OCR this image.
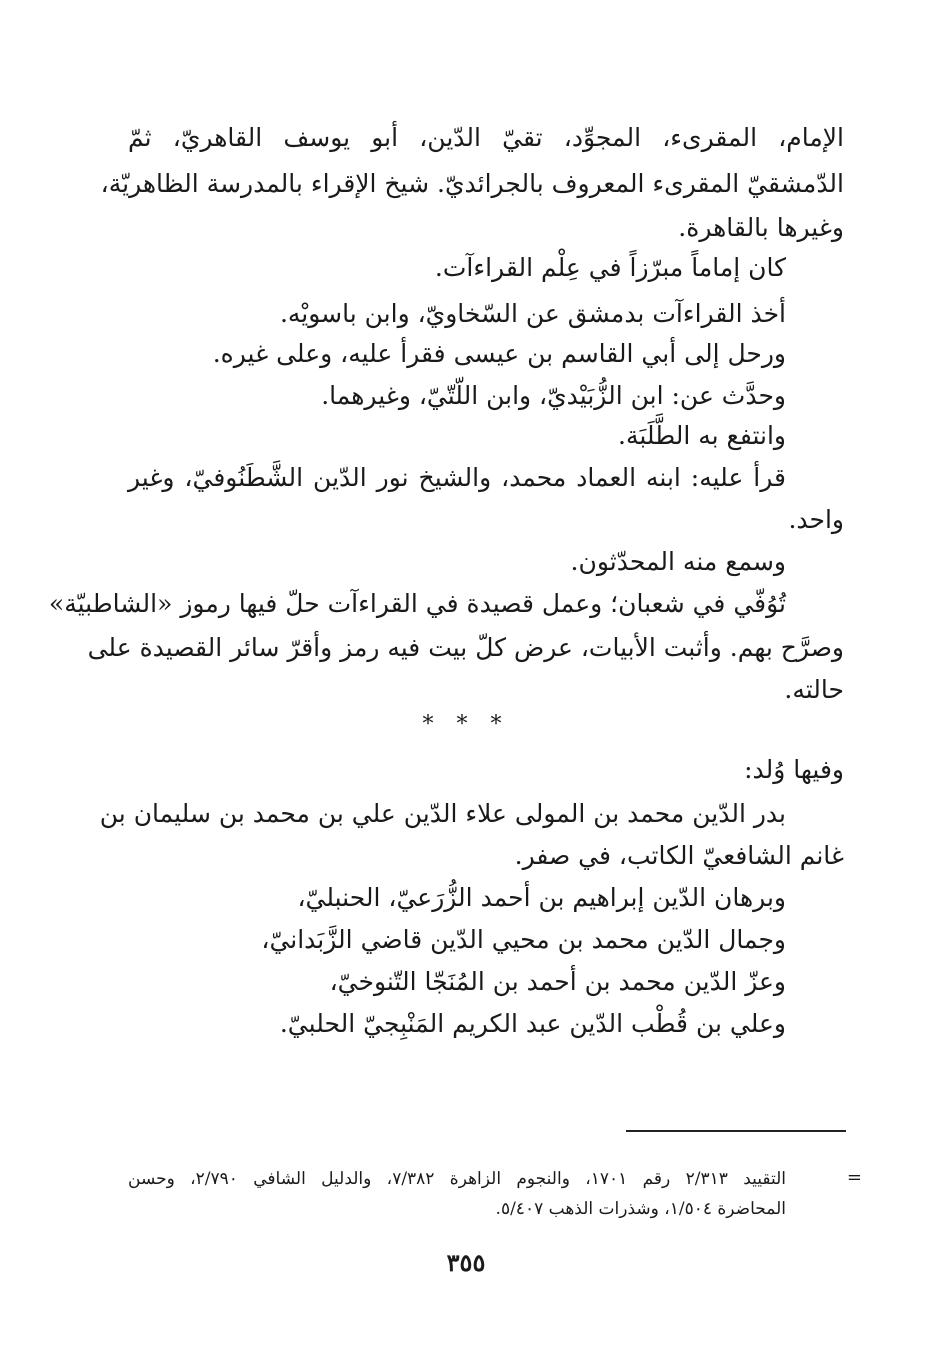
الإمام، المقرىء، المجوِّد، تقيّ الدّين، أبو يوسف القاهريّ، ثمّ
الدّمشقيّ المقرىء المعروف بالجرائديّ. شيخ الإقراء بالمدرسة الظاهريّة،
وغيرها بالقاهرة.
كان إماماً مبرّزاً في عِلْم القراءآت.
أخذ القراءآت بدمشق عن السّخاويّ، وابن باسويْه.
ورحل إلى أبي القاسم بن عيسى فقرأ عليه، وعلى غيره.
وحدَّث عن: ابن الزُّبَيْديّ، وابن اللّتّيّ، وغيرهما.
وانتفع به الطَّلَبَة.
قرأ عليه: ابنه العماد محمد، والشيخ نور الدّين الشَّطَنُوفيّ، وغير
واحد.
وسمع منه المحدّثون.
تُوُفّي في شعبان؛ وعمل قصيدة في القراءآت حلّ فيها رموز «الشاطبيّة»
وصرَّح بهم. وأثبت الأبيات، عرض كلّ بيت فيه رمز وأقرّ سائر القصيدة على
حالته.
* * *
وفيها وُلد:
بدر الدّين محمد بن المولى علاء الدّين علي بن محمد بن سليمان بن
غانم الشافعيّ الكاتب، في صفر.
وبرهان الدّين إبراهيم بن أحمد الزُّرَعيّ، الحنبليّ،
وجمال الدّين محمد بن محيي الدّين قاضي الزَّبَدانيّ،
وعزّ الدّين محمد بن أحمد بن المُنَجّا التّنوخيّ،
وعلي بن قُطْب الدّين عبد الكريم المَنْبِجيّ الحلبيّ.
=
التقييد ٢/٣١٣ رقم ١٧٠١، والنجوم الزاهرة ٧/٣٨٢، والدليل الشافي ٢/٧٩٠، وحسن
المحاضرة ١/٥٠٤، وشذرات الذهب ٥/٤٠٧.
٣٥٥
